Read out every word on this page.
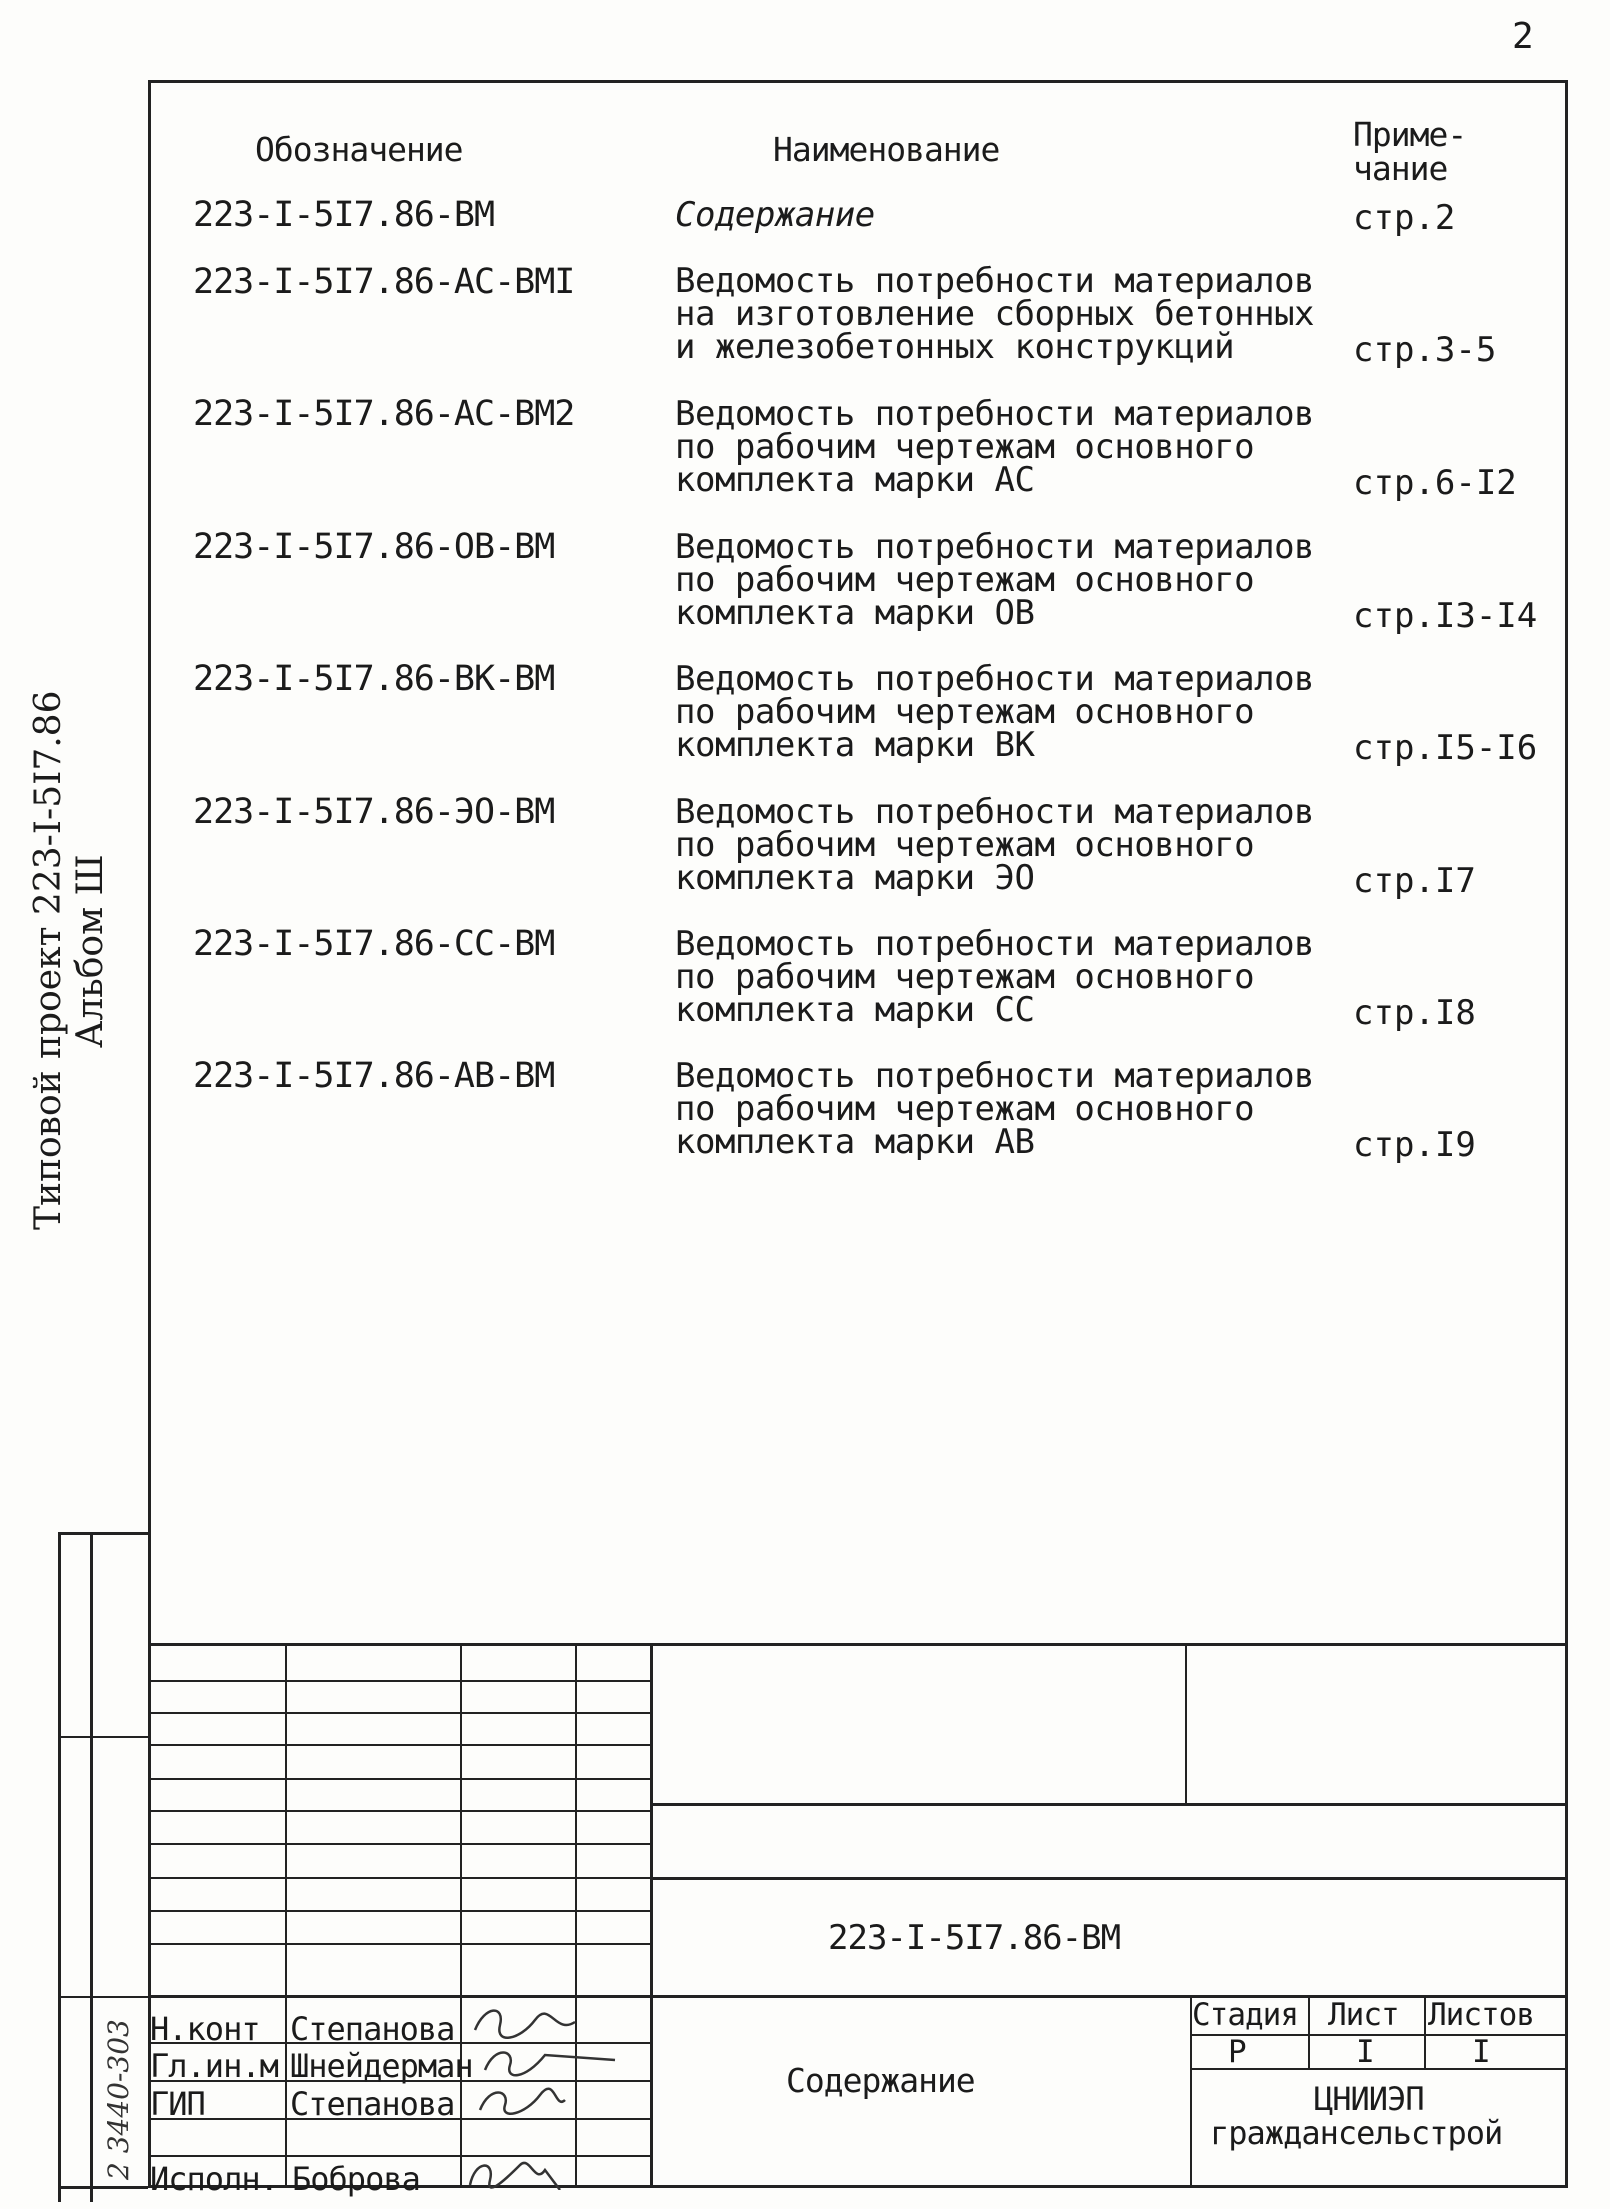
2
Типовой проект 223-I-5I7.86 Альбом Ш
2 3440-303
Обозначение	Наименование	Приме-
чание
223-I-5I7.86-ВМ	Содержание	стр.2
223-I-5I7.86-АС-ВМI	Ведомость потребности материалов
на изготовление сборных бетонных
и железобетонных конструкций	стр.3-5
223-I-5I7.86-АС-ВМ2	Ведомость потребности материалов
по рабочим чертежам основного
комплекта марки АС	стр.6-I2
223-I-5I7.86-ОВ-ВМ	Ведомость потребности материалов
по рабочим чертежам основного
комплекта марки ОВ	стр.I3-I4
223-I-5I7.86-ВК-ВМ	Ведомость потребности материалов
по рабочим чертежам основного
комплекта марки ВК	стр.I5-I6
223-I-5I7.86-ЭО-ВМ	Ведомость потребности материалов
по рабочим чертежам основного
комплекта марки ЭО	стр.I7
223-I-5I7.86-СС-ВМ	Ведомость потребности материалов
по рабочим чертежам основного
комплекта марки СС	стр.I8
223-I-5I7.86-АВ-ВМ	Ведомость потребности материалов
по рабочим чертежам основного
комплекта марки АВ	стр.I9
223-I-5I7.86-ВМ
Содержание
Стадия Лист Листов
Р	I	I
ЦНИИЭП
граждансельстрой
Н.конт Степанова
Гл.ин.м Шнейдерман
ГИП	Степанова
Исполн. Боброва
